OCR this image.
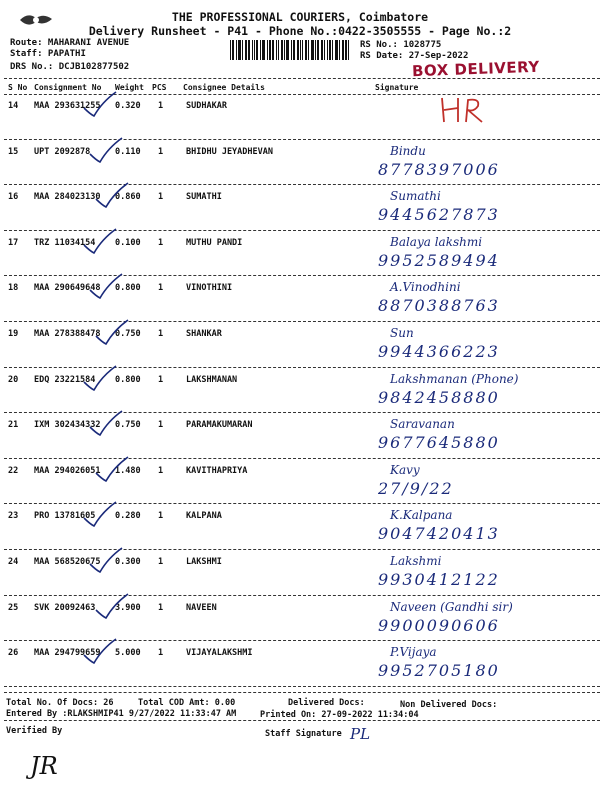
THE PROFESSIONAL COURIERS, Coimbatore
Delivery Runsheet - P41 - Phone No.:0422-3505555 - Page No.:2
Route: MAHARANI AVENUE
Staff: PAPATHI
DRS No.: DCJB102877502
RS No.: 1028775
RS Date: 27-Sep-2022
BOX DELIVERY
S No Consignment No Weight PCS Consignee Details	Signature
14 MAA 293631255 0.320 1	SUDHAKAR
15 UPT 2092878	0.110 1	BHIDHU JEYADHEVAN	Bindu
8778397006
16 MAA 284023130 0.860 1	SUMATHI	Sumathi
9445627873
17 TRZ 11034154 0.100 1	MUTHU PANDI	Balaya lakshmi
9952589494
18 MAA 290649648 0.800 1	VINOTHINI	A.Vinodhini
8870388763
19 MAA 278388478 0.750 1	SHANKAR	Sun
9944366223
20 EDQ 23221584 0.800 1	LAKSHMANAN	Lakshmanan (Phone)
9842458880
21 IXM 302434332 0.750 1	PARAMAKUMARAN	Saravanan
9677645880
22 MAA 294026051 1.480 1	KAVITHAPRIYA	Kavy
27/9/22
23 PRO 13781605 0.280 1	KALPANA	K.Kalpana
9047420413
24 MAA 568520675 0.300 1	LAKSHMI	Lakshmi
9930412122
25 SVK 20092463 3.900 1	NAVEEN	Naveen (Gandhi sir)
9900090606
26 MAA 294799659 5.000 1	VIJAYALAKSHMI	P.Vijaya
9952705180
Total No. Of Docs: 26	Total COD Amt: 0.00	Delivered Docs:	Non Delivered Docs:
Entered By :RLAKSHMIP41 9/27/2022 11:33:47 AM	Printed On: 27-09-2022 11:34:04
Verified By	Staff Signature PL
JR
